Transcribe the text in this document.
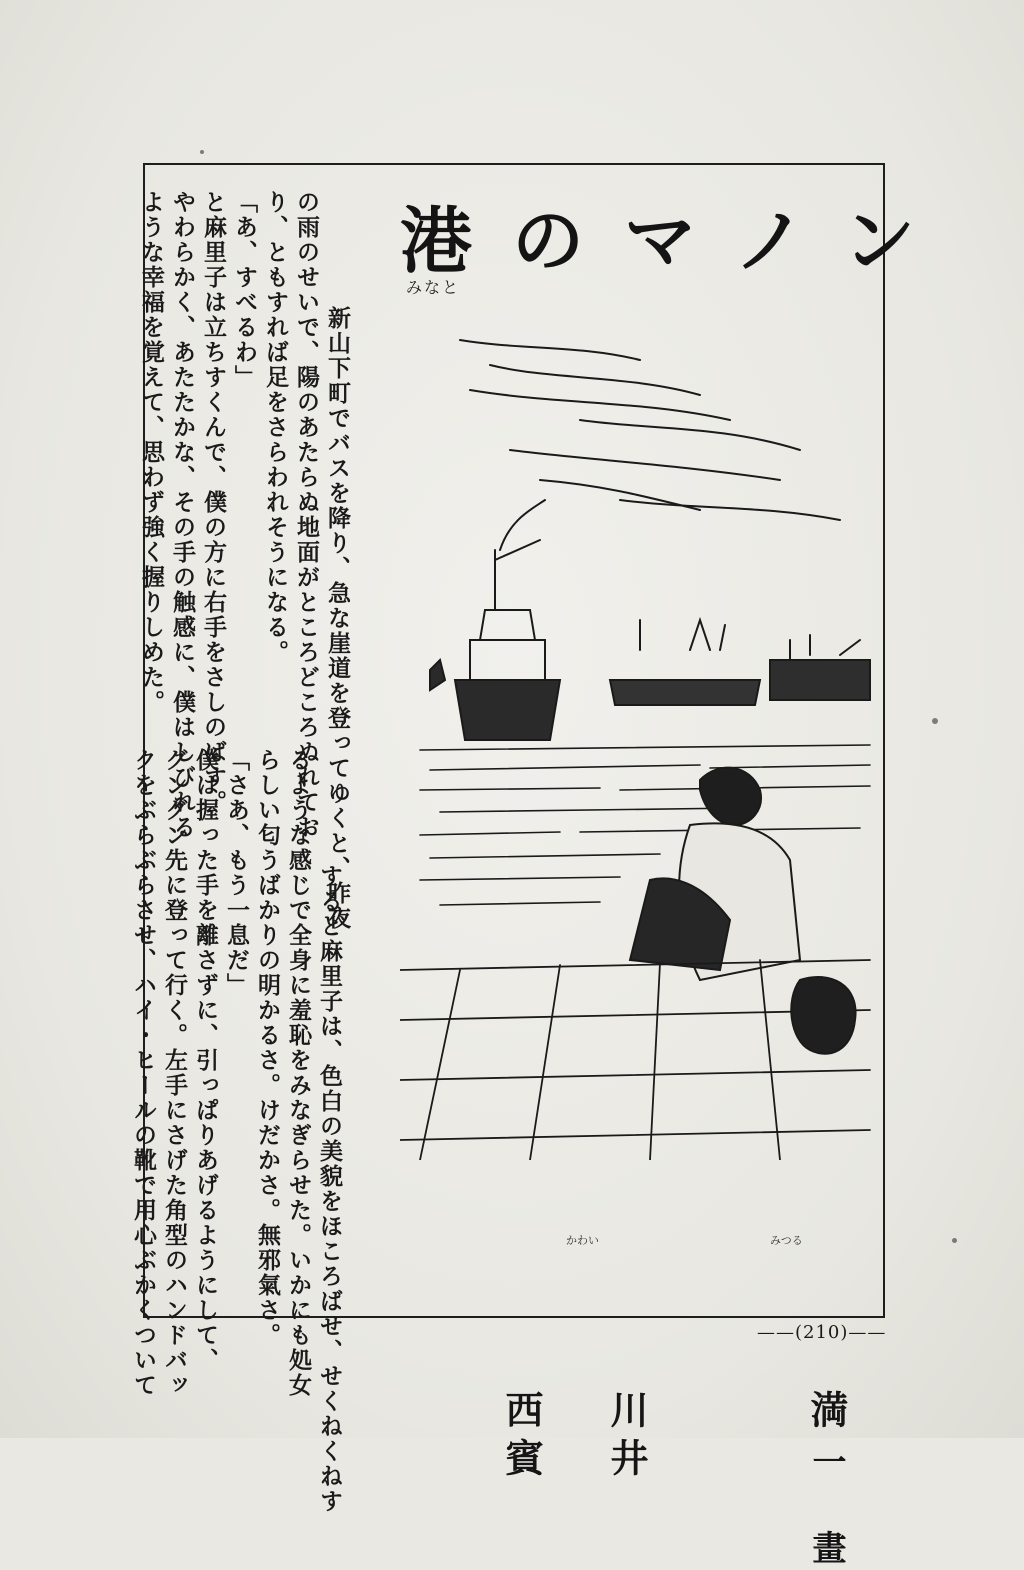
港のマノン
みなと

新山下町でバスを降り、急な崖道を登ってゆくと、昨夜
の雨のせいで、陽のあたらぬ地面がところどころぬれてお
り、ともすれば足をさらわれそうになる。
「あ、すべるわ」
と麻里子は立ちすくんで、僕の方に右手をさしのばす。
やわらかく、あたたかな、その手の触感に、僕はしびれる
ような幸福を覚えて、思わず強く握りしめた。

すると麻里子は、色白の美貌をほころばせ、せくねくねす
るような感じで全身に羞恥をみなぎらせた。いかにも処女
らしい匂うばかりの明かるさ。けだかさ。無邪氣さ。
「さあ、もう一息だ」
僕は握った手を離さずに、引っぱりあげるようにして、
グングン先に登って行く。左手にさげた角型のハンドバッ
クをぶらぶらさせ、ハイ・ヒールの靴で用心ぶかくついて

西賓
	川井
	満

みつる

一 畫

かわい
——(210)——
